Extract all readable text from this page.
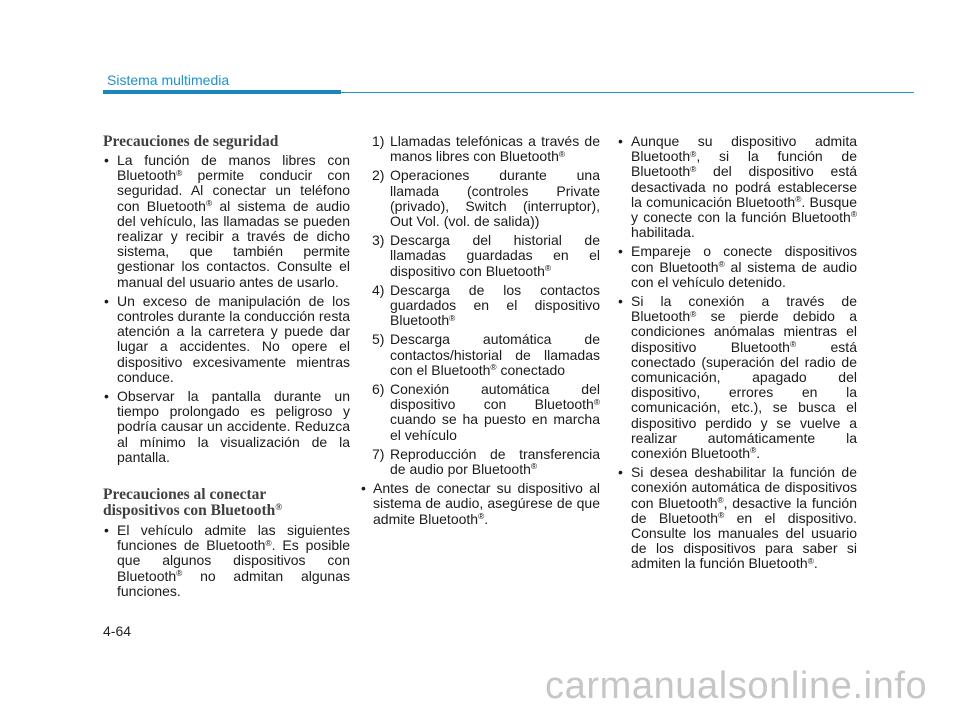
Sistema multimedia
Precauciones de seguridad
• La función de manos libres con Bluetooth® permite conducir con seguridad. Al conectar un teléfono con Bluetooth® al sistema de audio del vehículo, las llamadas se pueden realizar y recibir a través de dicho sistema, que también permite gestionar los contactos. Consulte el manual del usuario antes de usarlo.
• Un exceso de manipulación de los controles durante la conducción resta atención a la carretera y puede dar lugar a accidentes. No opere el dispositivo excesivamente mientras conduce.
• Observar la pantalla durante un tiempo prolongado es peligroso y podría causar un accidente. Reduzca al mínimo la visualización de la pantalla.
Precauciones al conectar
dispositivos con Bluetooth®
• El vehículo admite las siguientes funciones de Bluetooth®. Es posible que algunos dispositivos con Bluetooth® no admitan algunas funciones.
1) Llamadas telefónicas a través de manos libres con Bluetooth®
2) Operaciones durante una llamada (controles Private (privado), Switch (interruptor), Out Vol. (vol. de salida))
3) Descarga del historial de llamadas guardadas en el dispositivo con Bluetooth®
4) Descarga de los contactos guardados en el dispositivo Bluetooth®
5) Descarga automática de contactos/historial de llamadas con el Bluetooth® conectado
6) Conexión automática del dispositivo con Bluetooth® cuando se ha puesto en marcha el vehículo
7) Reproducción de transferencia de audio por Bluetooth®
• Antes de conectar su dispositivo al sistema de audio, asegúrese de que admite Bluetooth®.
• Aunque su dispositivo admita Bluetooth®, si la función de Bluetooth® del dispositivo está desactivada no podrá establecerse la comunicación Bluetooth®. Busque y conecte con la función Bluetooth® habilitada.
• Empareje o conecte dispositivos con Bluetooth® al sistema de audio con el vehículo detenido.
• Si la conexión a través de Bluetooth® se pierde debido a condiciones anómalas mientras el dispositivo Bluetooth® está conectado (superación del radio de comunicación, apagado del dispositivo, errores en la comunicación, etc.), se busca el dispositivo perdido y se vuelve a realizar automáticamente la conexión Bluetooth®.
• Si desea deshabilitar la función de conexión automática de dispositivos con Bluetooth®, desactive la función de Bluetooth® en el dispositivo. Consulte los manuales del usuario de los dispositivos para saber si admiten la función Bluetooth®.
4-64
carmanualsonline.info
